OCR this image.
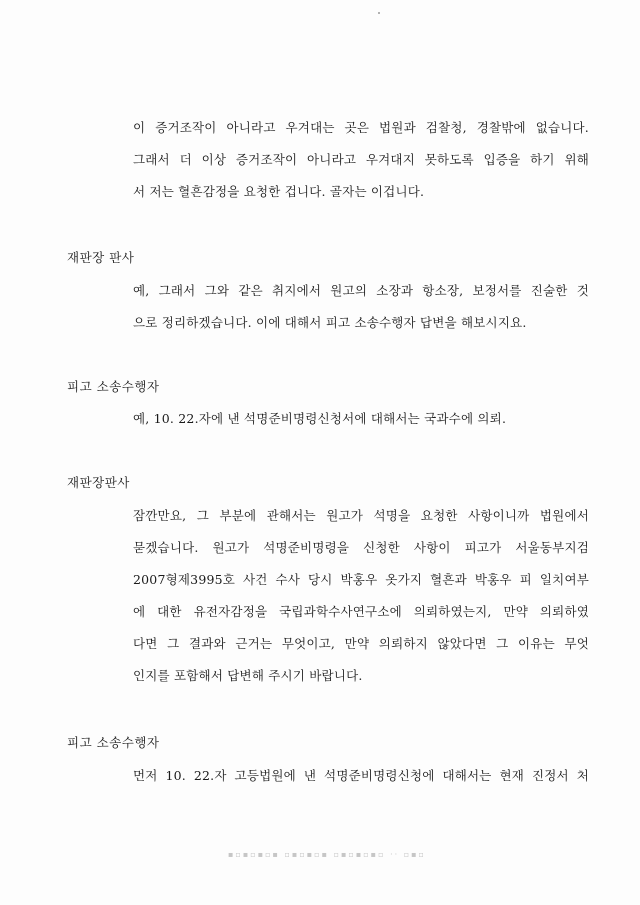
이 증거조작이 아니라고 우겨대는 곳은 법원과 검찰청, 경찰밖에 없습니다.
그래서 더 이상 증거조작이 아니라고 우겨대지 못하도록 입증을 하기 위해
서 저는 혈흔감정을 요청한 겁니다. 골자는 이겁니다.
재판장 판사
예, 그래서 그와 같은 취지에서 원고의 소장과 항소장, 보정서를 진술한 것
으로 정리하겠습니다. 이에 대해서 피고 소송수행자 답변을 해보시지요.
피고 소송수행자
예, 10. 22.자에 낸 석명준비명령신청서에 대해서는 국과수에 의뢰.
재판장판사
잠깐만요, 그 부분에 관해서는 원고가 석명을 요청한 사항이니까 법원에서
묻겠습니다. 원고가 석명준비명령을 신청한 사항이 피고가 서울동부지검
2007형제3995호 사건 수사 당시 박홍우 옷가지 혈흔과 박홍우 피 일치여부
에 대한 유전자감정을 국립과학수사연구소에 의뢰하였는지, 만약 의뢰하였
다면 그 결과와 근거는 무엇이고, 만약 의뢰하지 않았다면 그 이유는 무엇
인지를 포함해서 답변해 주시기 바랍니다.
피고 소송수행자
먼저 10. 22.자 고등법원에 낸 석명준비명령신청에 대해서는 현재 진정서 처
▪▫▪▫▪▫▪ ▫▪▫▪▫▪ ▫▪▫▪▫▪▫ ·· ▫▪▫
